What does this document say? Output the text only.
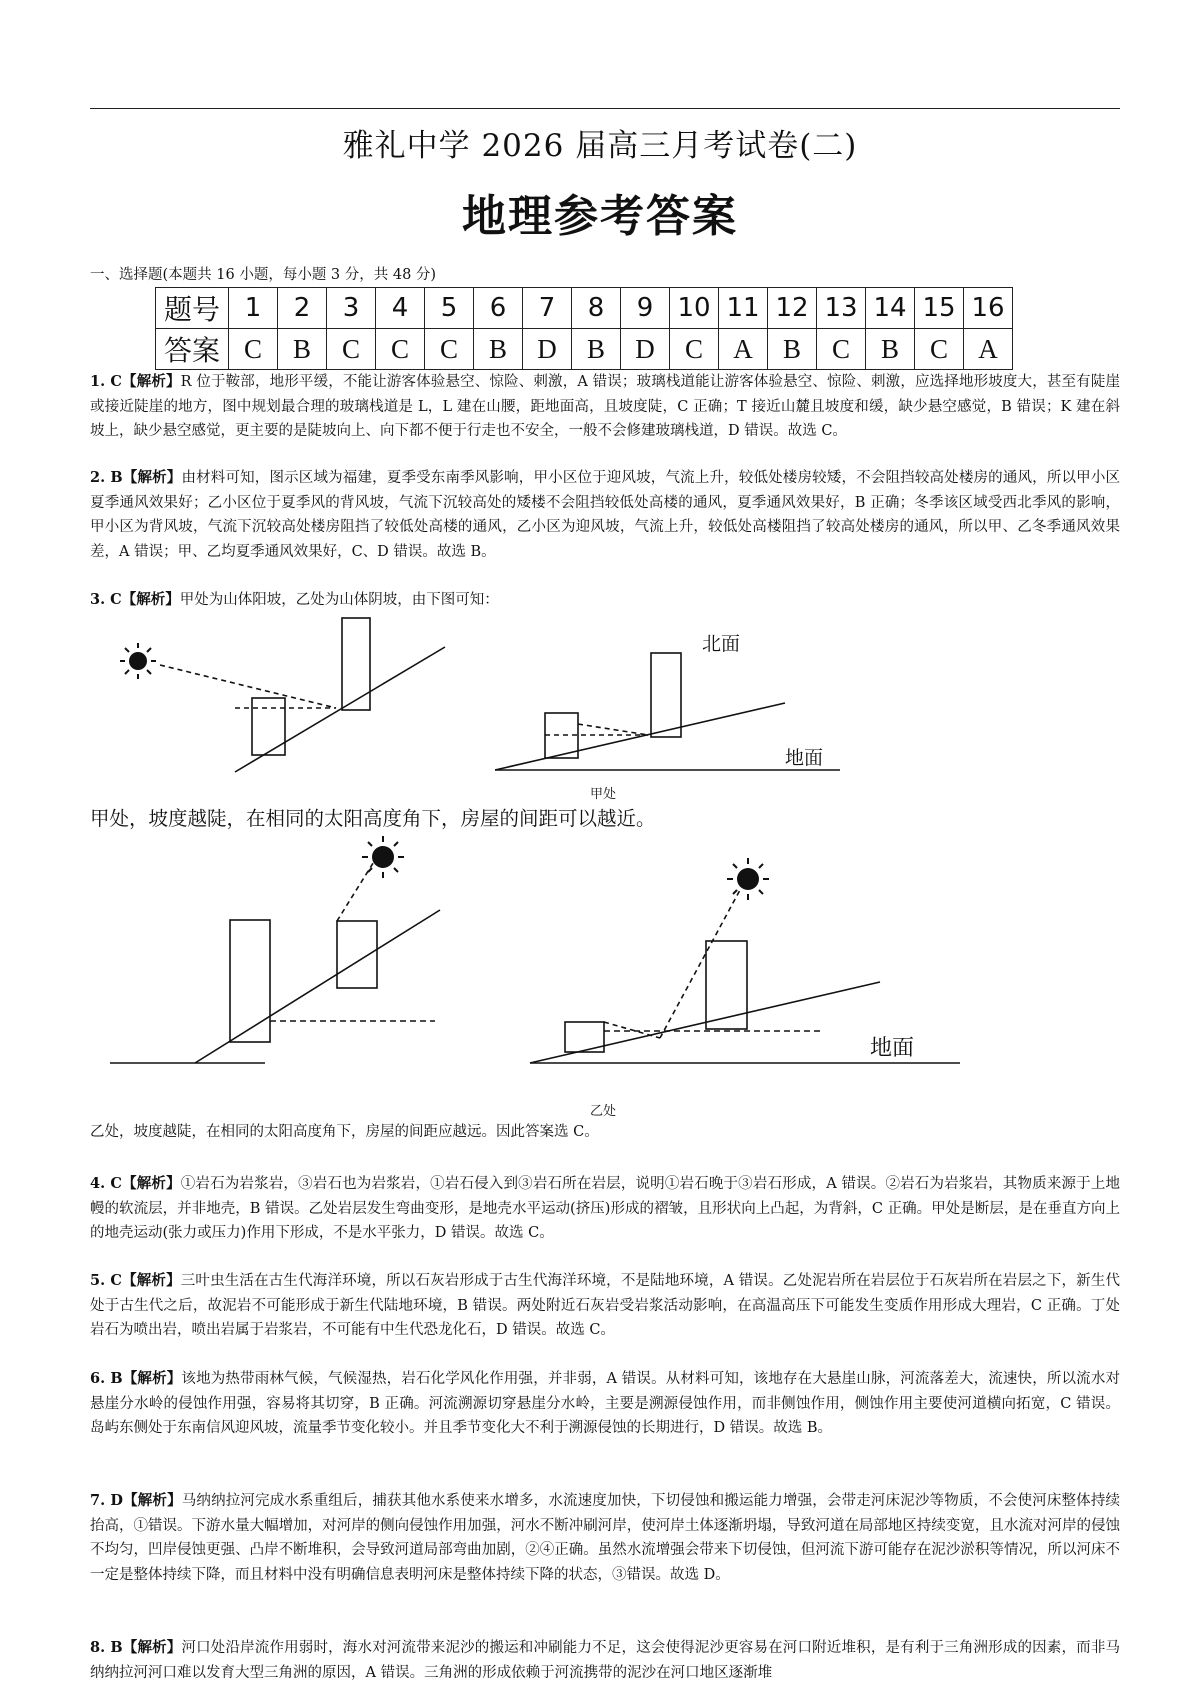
雅礼中学 2026 届高三月考试卷(二)
地理参考答案
一、选择题(本题共 16 小题，每小题 3 分，共 48 分)
题号	1	2	3	4	5	6	7	8	9	10	11	12	13	14	15	16
答案	C	B	C	C	C	B	D	B	D	C	A	B	C	B	C	A
1. C【解析】R 位于鞍部，地形平缓，不能让游客体验悬空、惊险、刺激，A 错误；玻璃栈道能让游客体验悬空、惊险、刺激，应选择地形坡度大，甚至有陡崖或接近陡崖的地方，图中规划最合理的玻璃栈道是 L，L 建在山腰，距地面高，且坡度陡，C 正确；T 接近山麓且坡度和缓，缺少悬空感觉，B 错误；K 建在斜坡上，缺少悬空感觉，更主要的是陡坡向上、向下都不便于行走也不安全，一般不会修建玻璃栈道，D 错误。故选 C。
2. B【解析】由材料可知，图示区域为福建，夏季受东南季风影响，甲小区位于迎风坡，气流上升，较低处楼房较矮，不会阻挡较高处楼房的通风，所以甲小区夏季通风效果好；乙小区位于夏季风的背风坡，气流下沉较高处的矮楼不会阻挡较低处高楼的通风，夏季通风效果好，B 正确；冬季该区域受西北季风的影响，甲小区为背风坡，气流下沉较高处楼房阻挡了较低处高楼的通风，乙小区为迎风坡，气流上升，较低处高楼阻挡了较高处楼房的通风，所以甲、乙冬季通风效果差，A 错误；甲、乙均夏季通风效果好，C、D 错误。故选 B。
3. C【解析】甲处为山体阳坡，乙处为山体阴坡，由下图可知：
北面
地面
甲处
甲处，坡度越陡，在相同的太阳高度角下，房屋的间距可以越近。
地面
乙处
乙处，坡度越陡，在相同的太阳高度角下，房屋的间距应越远。因此答案选 C。
4. C【解析】①岩石为岩浆岩，③岩石也为岩浆岩，①岩石侵入到③岩石所在岩层，说明①岩石晚于③岩石形成，A 错误。②岩石为岩浆岩，其物质来源于上地幔的软流层，并非地壳，B 错误。乙处岩层发生弯曲变形，是地壳水平运动(挤压)形成的褶皱，且形状向上凸起，为背斜，C 正确。甲处是断层，是在垂直方向上的地壳运动(张力或压力)作用下形成，不是水平张力，D 错误。故选 C。
5. C【解析】三叶虫生活在古生代海洋环境，所以石灰岩形成于古生代海洋环境，不是陆地环境，A 错误。乙处泥岩所在岩层位于石灰岩所在岩层之下，新生代处于古生代之后，故泥岩不可能形成于新生代陆地环境，B 错误。两处附近石灰岩受岩浆活动影响，在高温高压下可能发生变质作用形成大理岩，C 正确。丁处岩石为喷出岩，喷出岩属于岩浆岩，不可能有中生代恐龙化石，D 错误。故选 C。
6. B【解析】该地为热带雨林气候，气候湿热，岩石化学风化作用强，并非弱，A 错误。从材料可知，该地存在大悬崖山脉，河流落差大，流速快，所以流水对悬崖分水岭的侵蚀作用强，容易将其切穿，B 正确。河流溯源切穿悬崖分水岭，主要是溯源侵蚀作用，而非侧蚀作用，侧蚀作用主要使河道横向拓宽，C 错误。岛屿东侧处于东南信风迎风坡，流量季节变化较小。并且季节变化大不利于溯源侵蚀的长期进行，D 错误。故选 B。
7. D【解析】马纳纳拉河完成水系重组后，捕获其他水系使来水增多，水流速度加快，下切侵蚀和搬运能力增强，会带走河床泥沙等物质，不会使河床整体持续抬高，①错误。下游水量大幅增加，对河岸的侧向侵蚀作用加强，河水不断冲刷河岸，使河岸土体逐渐坍塌，导致河道在局部地区持续变宽，且水流对河岸的侵蚀不均匀，凹岸侵蚀更强、凸岸不断堆积，会导致河道局部弯曲加剧，②④正确。虽然水流增强会带来下切侵蚀，但河流下游可能存在泥沙淤积等情况，所以河床不一定是整体持续下降，而且材料中没有明确信息表明河床是整体持续下降的状态，③错误。故选 D。
8. B【解析】河口处沿岸流作用弱时，海水对河流带来泥沙的搬运和冲刷能力不足，这会使得泥沙更容易在河口附近堆积，是有利于三角洲形成的因素，而非马纳纳拉河河口难以发育大型三角洲的原因，A 错误。三角洲的形成依赖于河流携带的泥沙在河口地区逐渐堆
